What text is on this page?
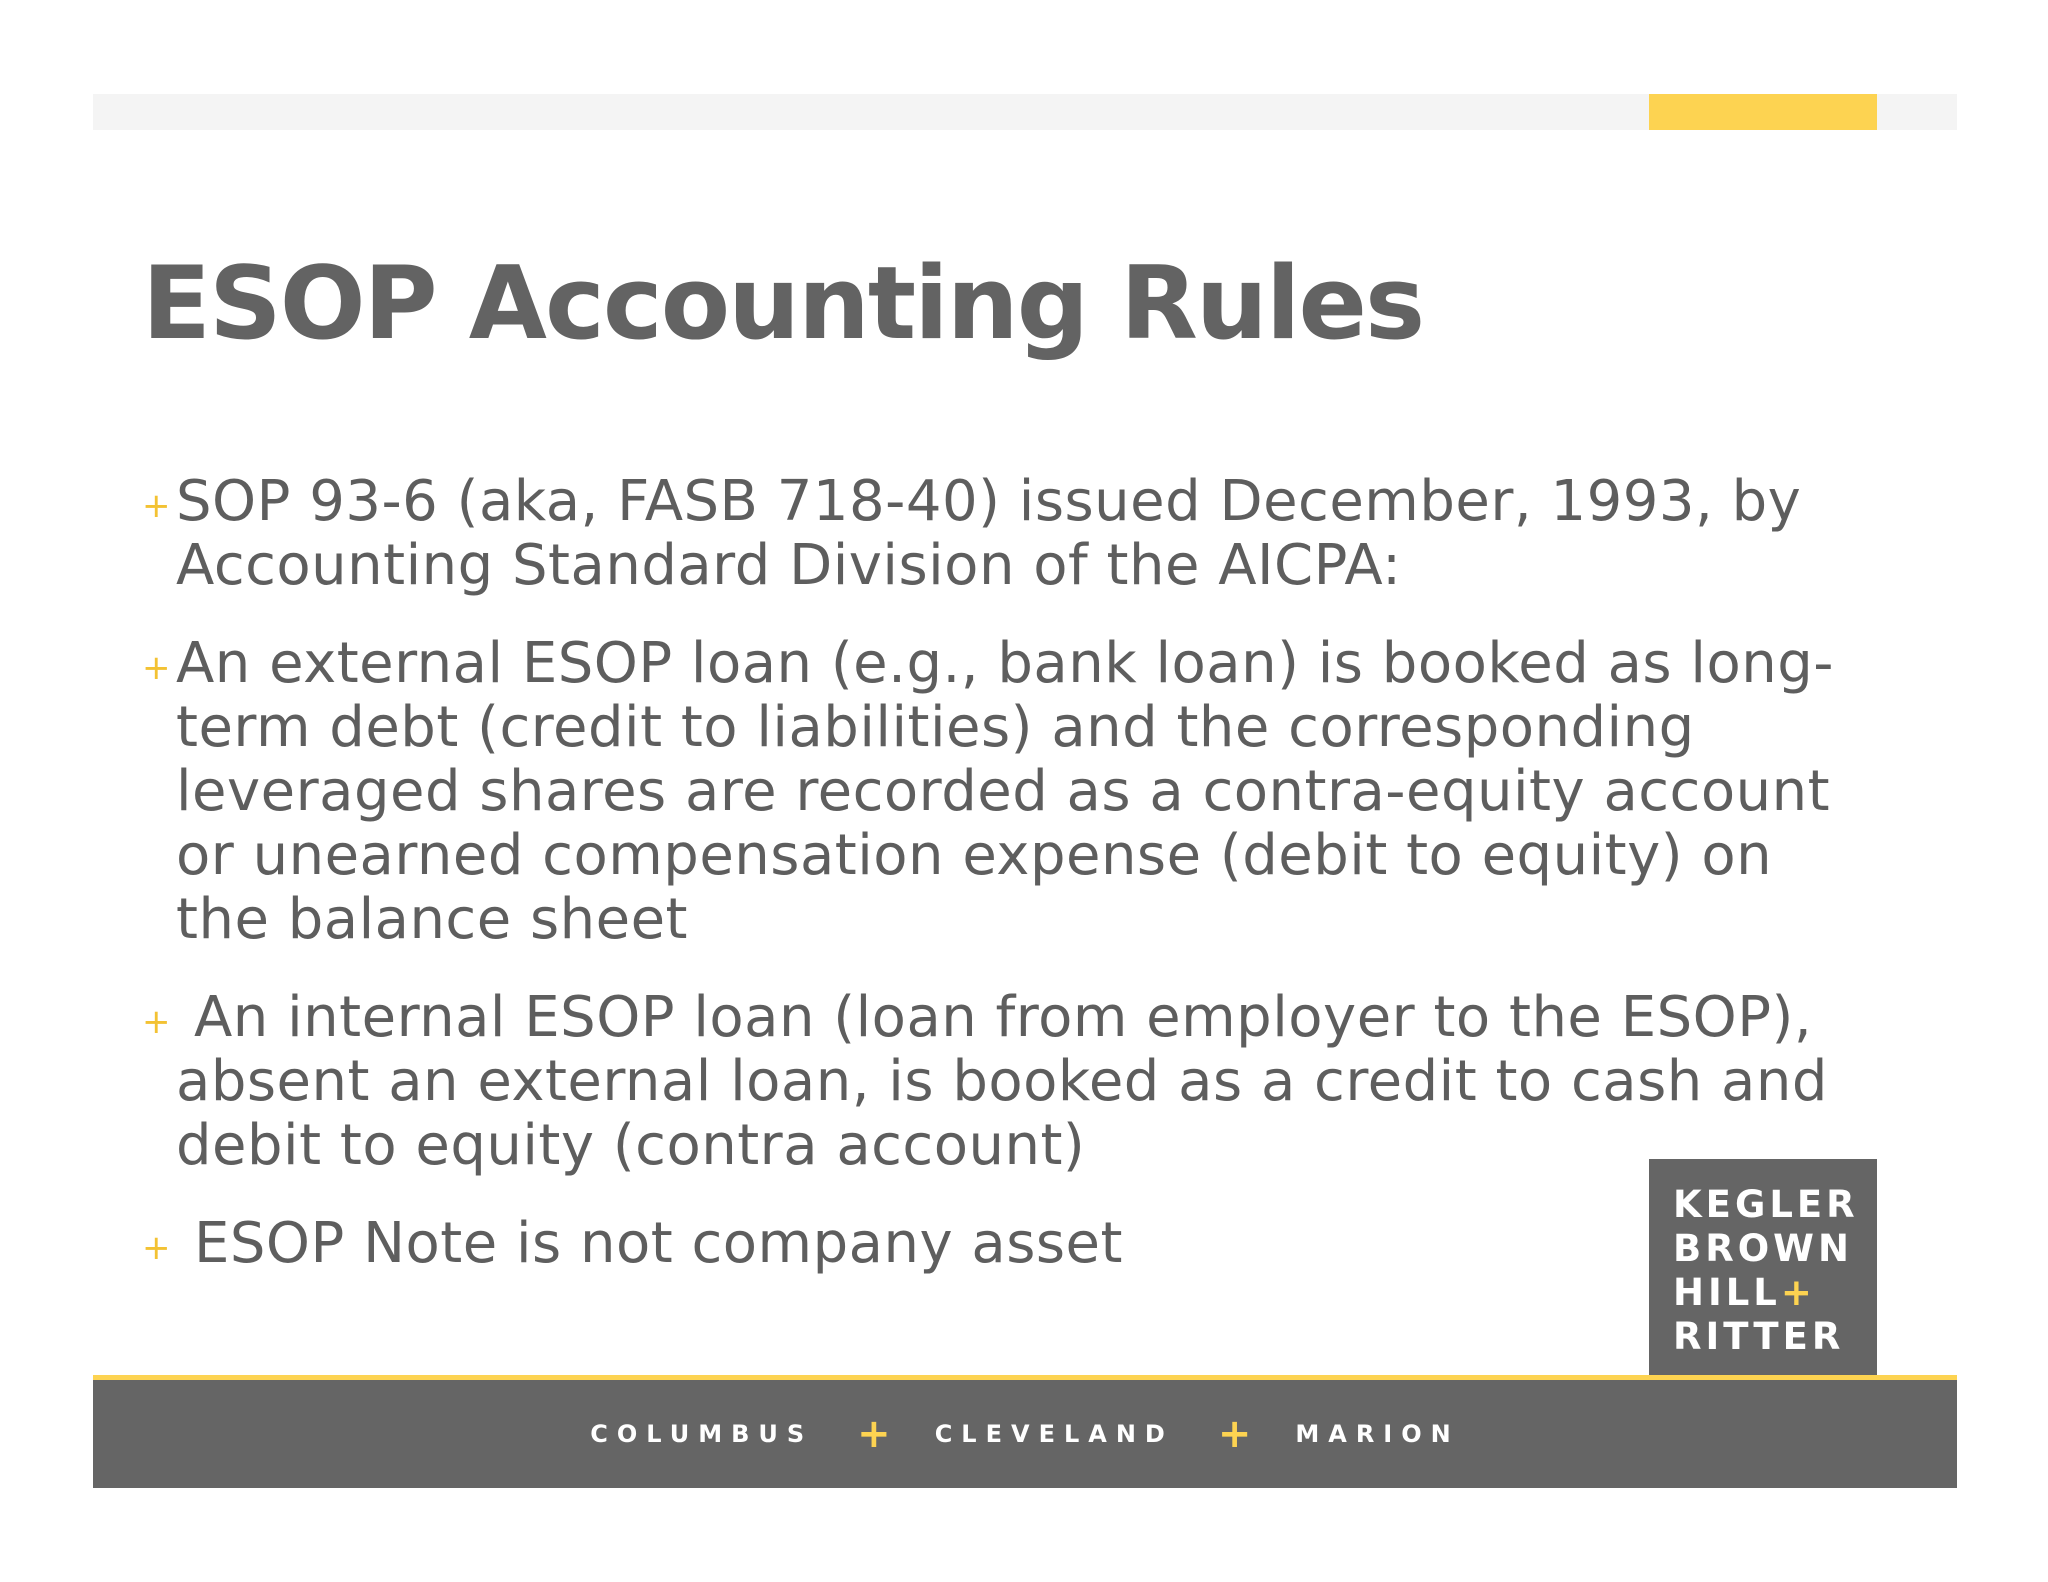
ESOP Accounting Rules
+ SOP 93-6 (aka, FASB 718-40) issued December, 1993, by
Accounting Standard Division of the AICPA:
+ An external ESOP loan (e.g., bank loan) is booked as long-
term debt (credit to liabilities) and the corresponding
leveraged shares are recorded as a contra-equity account
or unearned compensation expense (debit to equity) on
the balance sheet
+ An internal ESOP loan (loan from employer to the ESOP),
absent an external loan, is booked as a credit to cash and
debit to equity (contra account)
+ ESOP Note is not company asset
KEGLER
BROWN
HILL+
RITTER
COLUMBUS + CLEVELAND + MARION
